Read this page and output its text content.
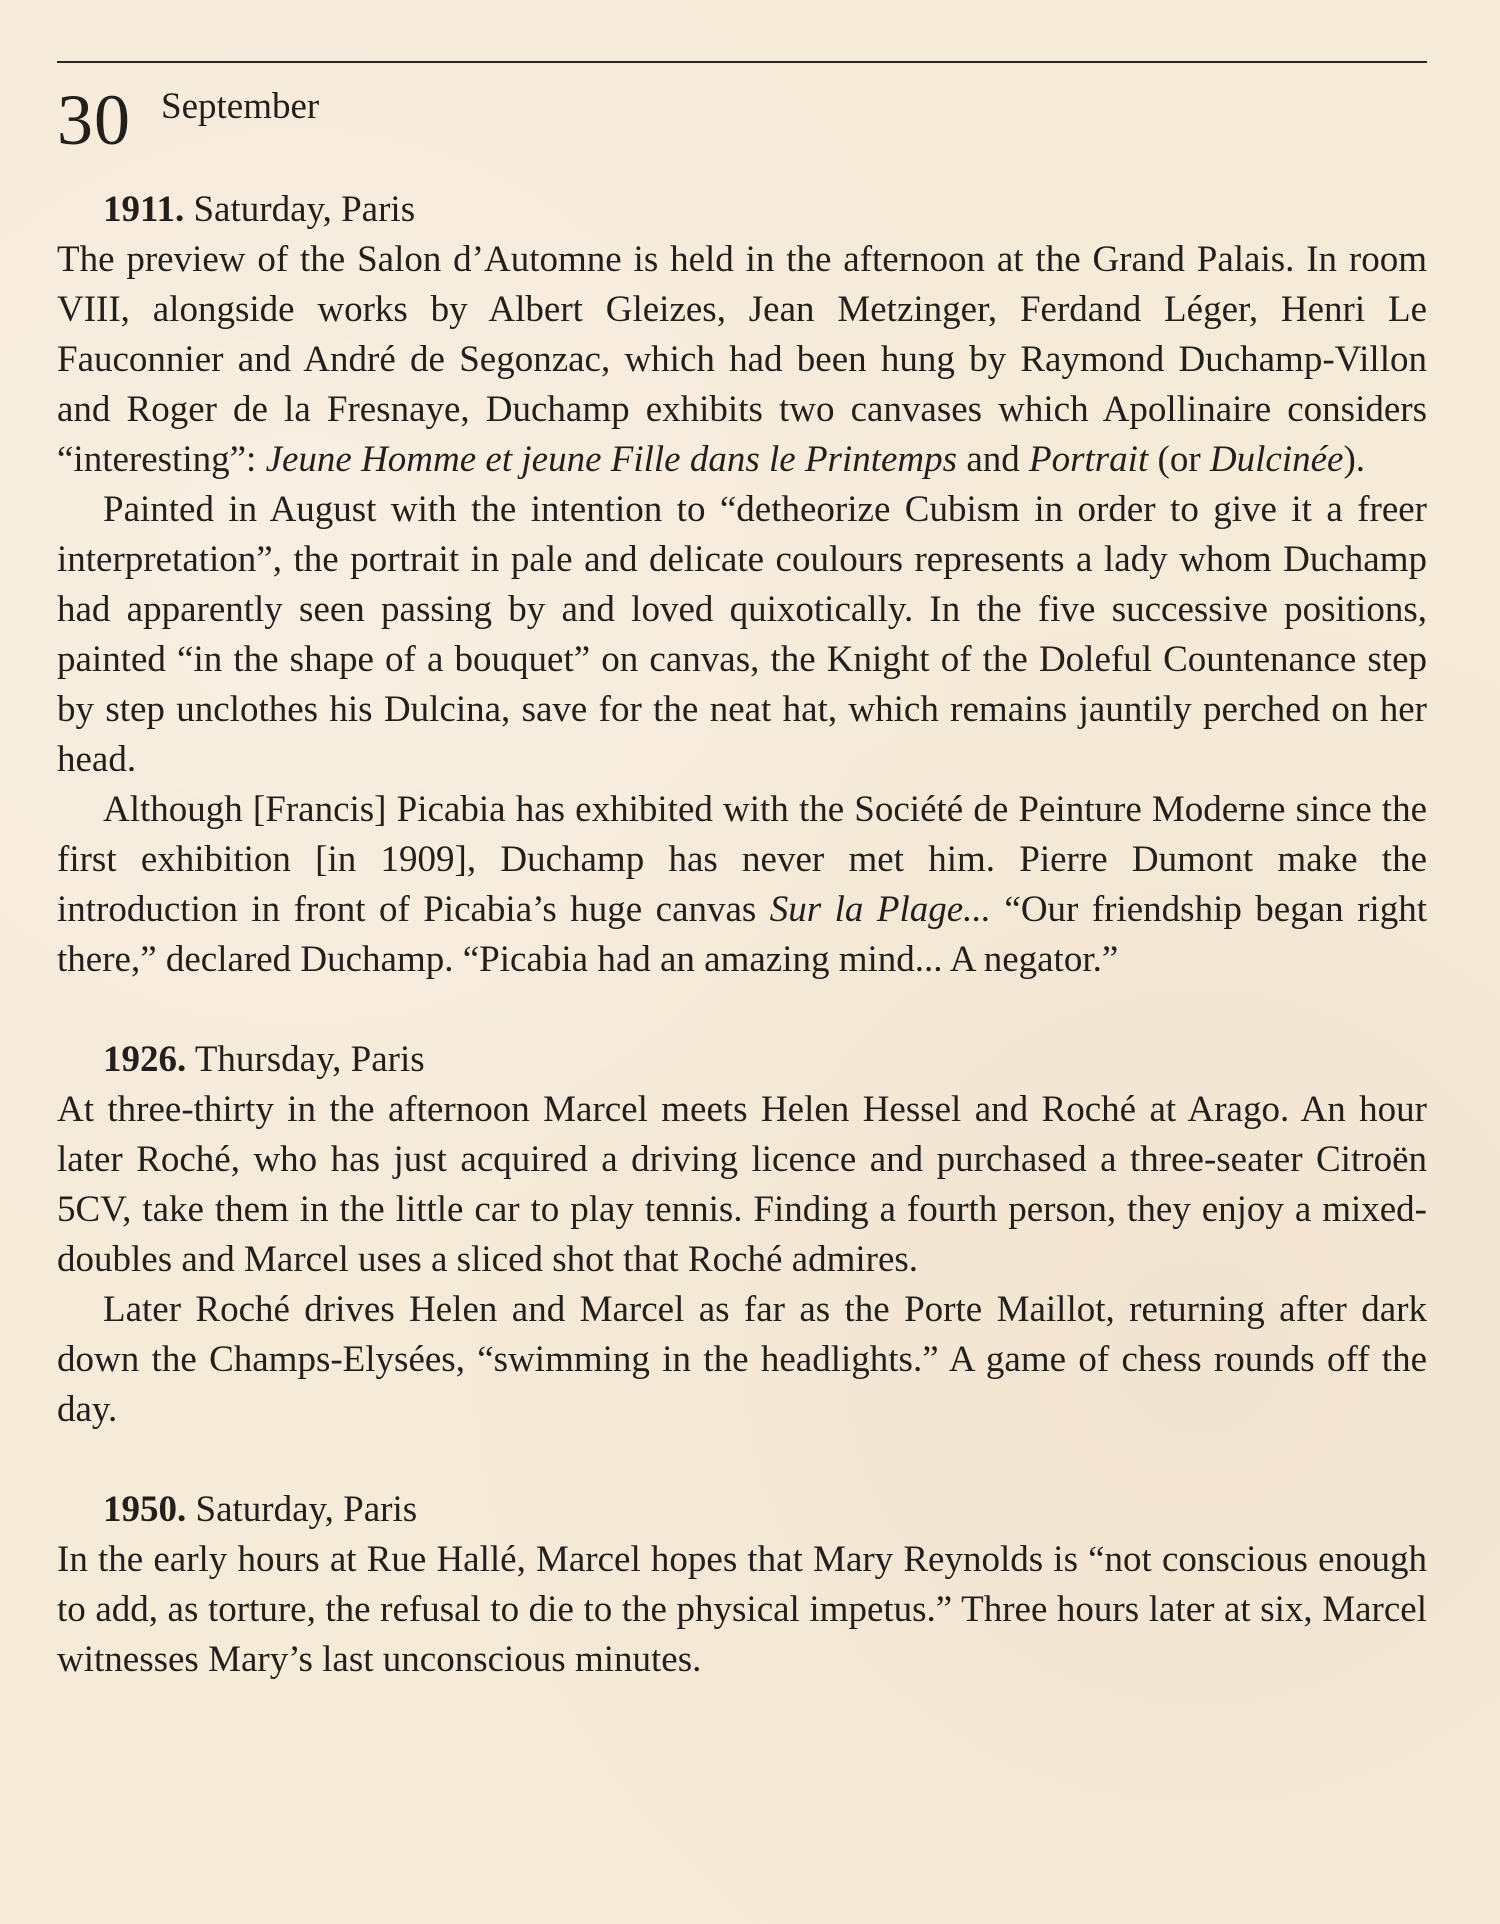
30 September
1911. Saturday, Paris

The preview of the Salon d’Automne is held in the afternoon at the Grand Palais. In room VIII, alongside works by Albert Gleizes, Jean Metzinger, Ferdand Léger, Henri Le Fauconnier and André de Segonzac, which had been hung by Raymond Duchamp-Villon and Roger de la Fresnaye, Duchamp exhibits two canvases which Apollinaire considers “interesting”: Jeune Homme et jeune Fille dans le Printemps and Portrait (or Dulcinée).

Painted in August with the intention to “detheorize Cubism in order to give it a freer interpretation”, the portrait in pale and delicate coulours represents a lady whom Duchamp had apparently seen passing by and loved quixotically. In the five successive positions, painted “in the shape of a bouquet” on canvas, the Knight of the Doleful Countenance step by step unclothes his Dulcina, save for the neat hat, which remains jauntily perched on her head.

Although [Francis] Picabia has exhibited with the Société de Peinture Moderne since the first exhibition [in 1909], Duchamp has never met him. Pierre Dumont make the introduction in front of Picabia’s huge canvas Sur la Plage... “Our friendship began right there,” declared Duchamp. “Picabia had an amazing mind... A negator.”

1926. Thursday, Paris

At three-thirty in the afternoon Marcel meets Helen Hessel and Roché at Arago. An hour later Roché, who has just acquired a driving licence and purchased a three-seater Citroën 5CV, take them in the little car to play tennis. Finding a fourth person, they enjoy a mixed-doubles and Marcel uses a sliced shot that Roché admires.

Later Roché drives Helen and Marcel as far as the Porte Maillot, returning after dark down the Champs-Elysées, “swimming in the headlights.” A game of chess rounds off the day.

1950. Saturday, Paris

In the early hours at Rue Hallé, Marcel hopes that Mary Reynolds is “not conscious enough to add, as torture, the refusal to die to the physical impetus.” Three hours later at six, Marcel witnesses Mary’s last unconscious minutes.
